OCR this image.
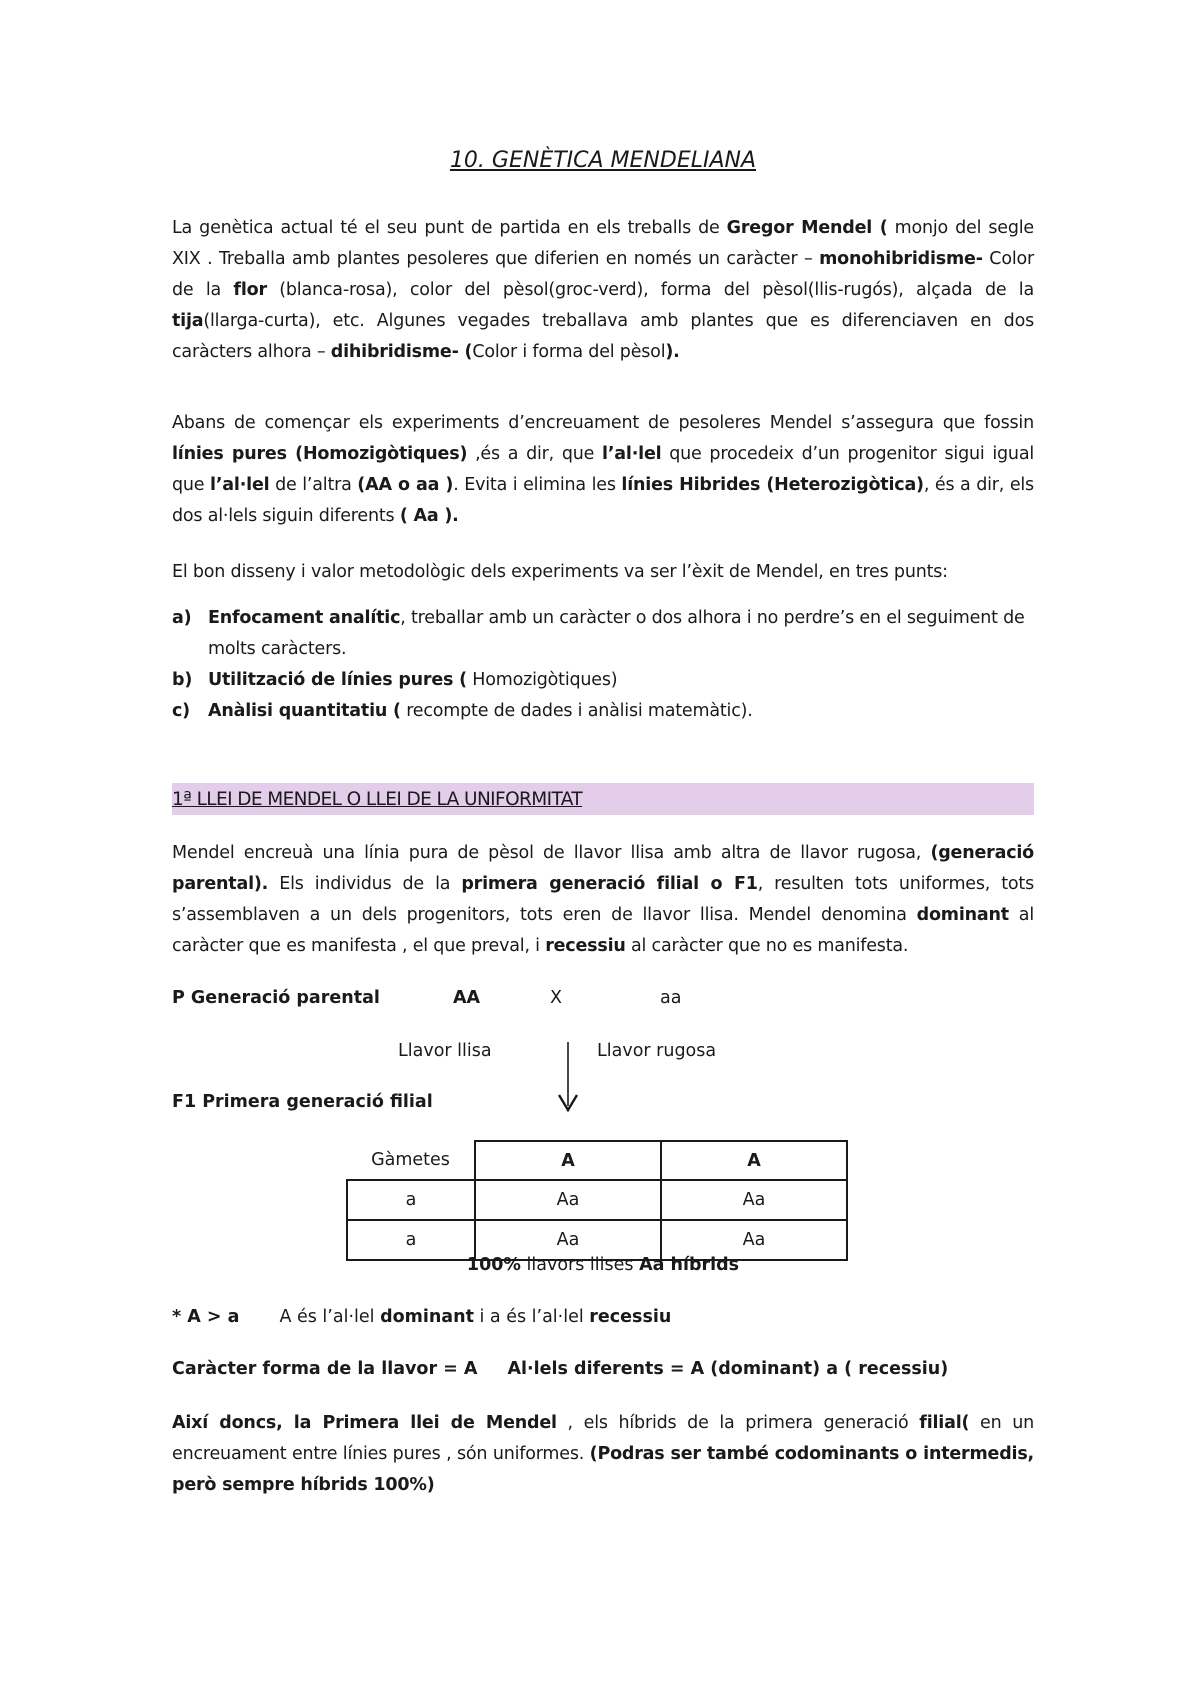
10. GENÈTICA MENDELIANA

La genètica actual té el seu punt de partida en els treballs de Gregor Mendel ( monjo del segle XIX . Treballa amb plantes pesoleres que diferien en només un caràcter – monohibridisme- Color de la flor (blanca-rosa), color del pèsol(groc-verd), forma del pèsol(llis-rugós), alçada de la tija(llarga-curta), etc. Algunes vegades treballava amb plantes que es diferenciaven en dos caràcters alhora – dihibridisme- (Color i forma del pèsol).

Abans de començar els experiments d’encreuament de pesoleres Mendel s’assegura que fossin línies pures (Homozigòtiques) ,és a dir, que l’al·lel que procedeix d’un progenitor sigui igual que l’al·lel de l’altra (AA o aa ). Evita i elimina les línies Hibrides (Heterozigòtica), és a dir, els dos al·lels siguin diferents ( Aa ).

El bon disseny i valor metodològic dels experiments va ser l’èxit de Mendel, en tres punts:

a) Enfocament analític, treballar amb un caràcter o dos alhora i no perdre’s en el seguiment de molts caràcters.
b) Utilització de línies pures ( Homozigòtiques)
c) Anàlisi quantitatiu ( recompte de dades i anàlisi matemàtic).
1ª LLEI DE MENDEL O LLEI DE LA UNIFORMITAT

Mendel encreuà una línia pura de pèsol de llavor llisa amb altra de llavor rugosa, (generació parental). Els individus de la primera generació filial o F1, resulten tots uniformes, tots s’assemblaven a un dels progenitors, tots eren de llavor llisa. Mendel denomina dominant al caràcter que es manifesta , el que preval, i recessiu al caràcter que no es manifesta.

P Generació parental	AA	X	aa
Llavor llisa	Llavor rugosa
F1 Primera generació filial
Gàmetes	A	A
a	Aa	Aa
a	Aa	Aa
100% llavors llises Aa híbrids
* A > a A és l’al·lel dominant i a és l’al·lel recessiu
Caràcter forma de la llavor = A Al·lels diferents = A (dominant) a ( recessiu)

Així doncs, la Primera llei de Mendel , els híbrids de la primera generació filial( en un encreuament entre línies pures , són uniformes. (Podras ser també codominants o intermedis, però sempre híbrids 100%)
